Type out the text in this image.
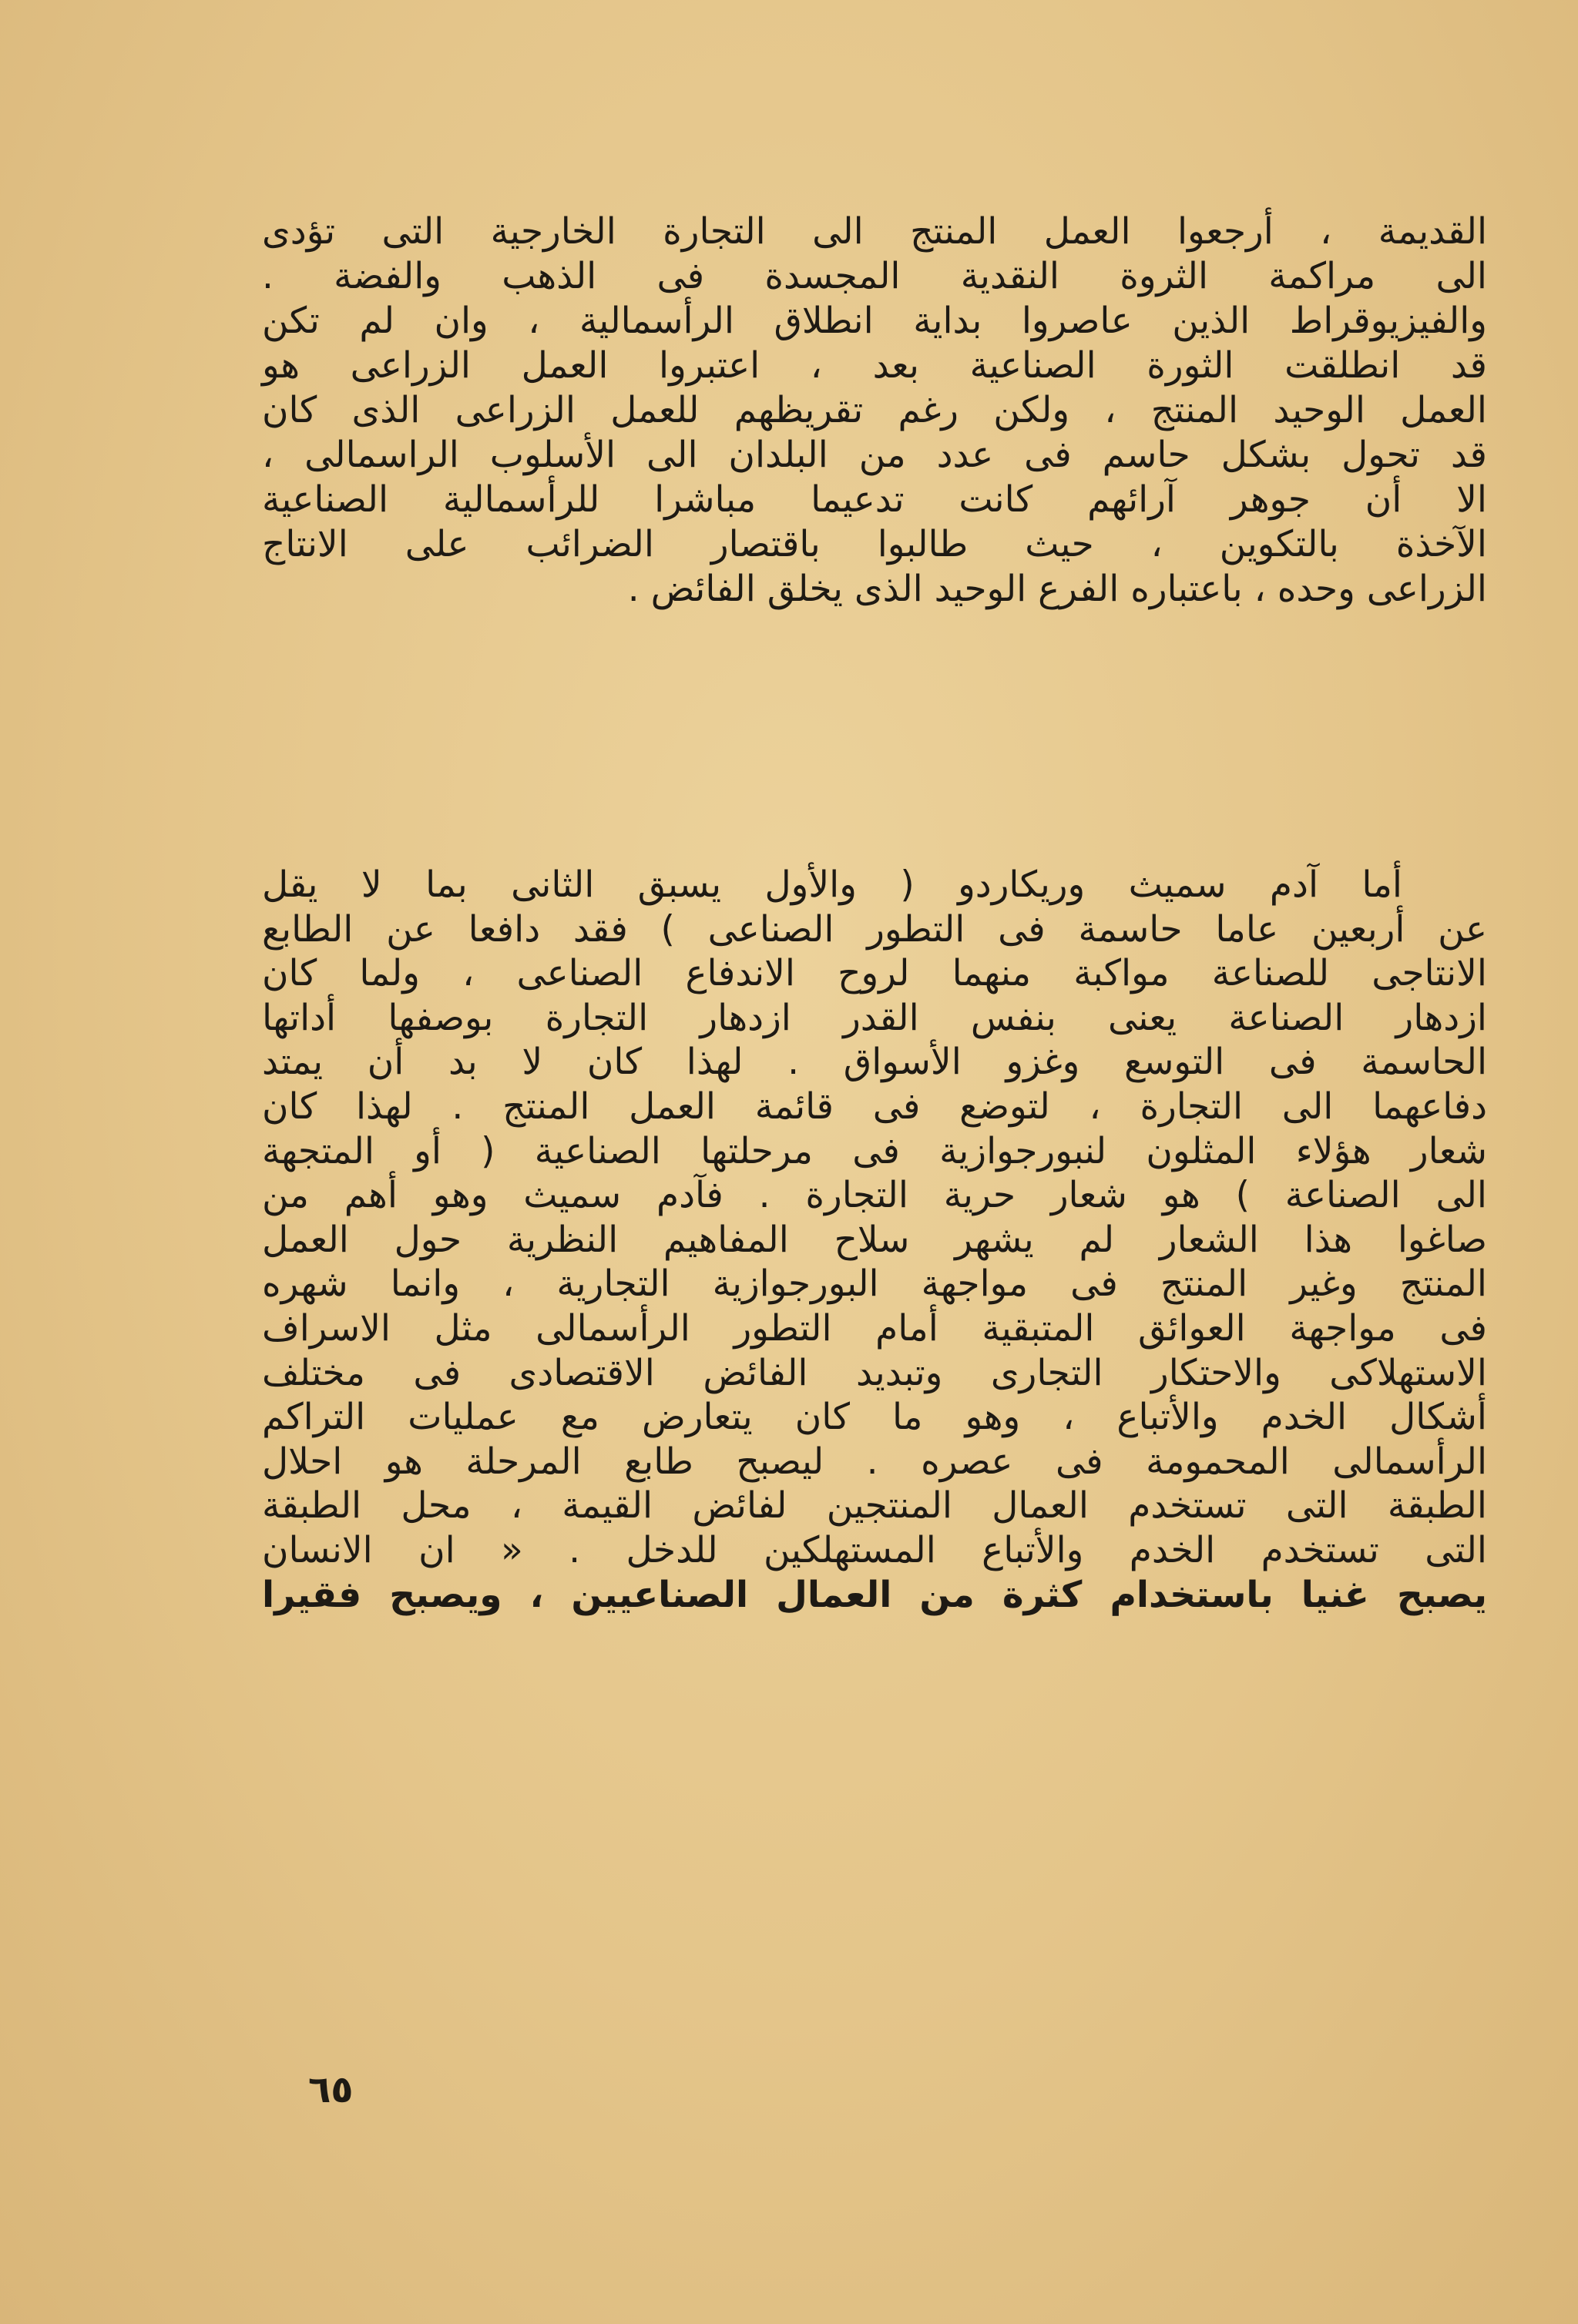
القديمة ، أرجعوا العمل المنتج الى التجارة الخارجية التى تؤدى
الى مراكمة الثروة النقدية المجسدة فى الذهب والفضة .
والفيزيوقراط الذين عاصروا بداية انطلاق الرأسمالية ، وان لم تكن
قد انطلقت الثورة الصناعية بعد ، اعتبروا العمل الزراعى هو
العمل الوحيد المنتج ، ولكن رغم تقريظهم للعمل الزراعى الذى كان
قد تحول بشكل حاسم فى عدد من البلدان الى الأسلوب الراسمالى ،
الا أن جوهر آرائهم كانت تدعيما مباشرا للرأسمالية الصناعية
الآخذة بالتكوين ، حيث طالبوا باقتصار الضرائب على الانتاج
الزراعى وحده ، باعتباره الفرع الوحيد الذى يخلق الفائض .
أما آدم سميث وريكاردو ( والأول يسبق الثانى بما لا يقل
عن أربعين عاما حاسمة فى التطور الصناعى ) فقد دافعا عن الطابع
الانتاجى للصناعة مواكبة منهما لروح الاندفاع الصناعى ، ولما كان
ازدهار الصناعة يعنى بنفس القدر ازدهار التجارة بوصفها أداتها
الحاسمة فى التوسع وغزو الأسواق . لهذا كان لا بد أن يمتد
دفاعهما الى التجارة ، لتوضع فى قائمة العمل المنتج . لهذا كان
شعار هؤلاء المثلون لنبورجوازية فى مرحلتها الصناعية ( أو المتجهة
الى الصناعة ) هو شعار حرية التجارة . فآدم سميث وهو أهم من
صاغوا هذا الشعار لم يشهر سلاح المفاهيم النظرية حول العمل
المنتج وغير المنتج فى مواجهة البورجوازية التجارية ، وانما شهره
فى مواجهة العوائق المتبقية أمام التطور الرأسمالى مثل الاسراف
الاستهلاكى والاحتكار التجارى وتبديد الفائض الاقتصادى فى مختلف
أشكال الخدم والأتباع ، وهو ما كان يتعارض مع عمليات التراكم
الرأسمالى المحمومة فى عصره . ليصبح طابع المرحلة هو احلال
الطبقة التى تستخدم العمال المنتجين لفائض القيمة ، محل الطبقة
التى تستخدم الخدم والأتباع المستهلكين للدخل . « ان الانسان
يصبح غنيا باستخدام كثرة من العمال الصناعيين ، ويصبح فقيرا
٦٥
